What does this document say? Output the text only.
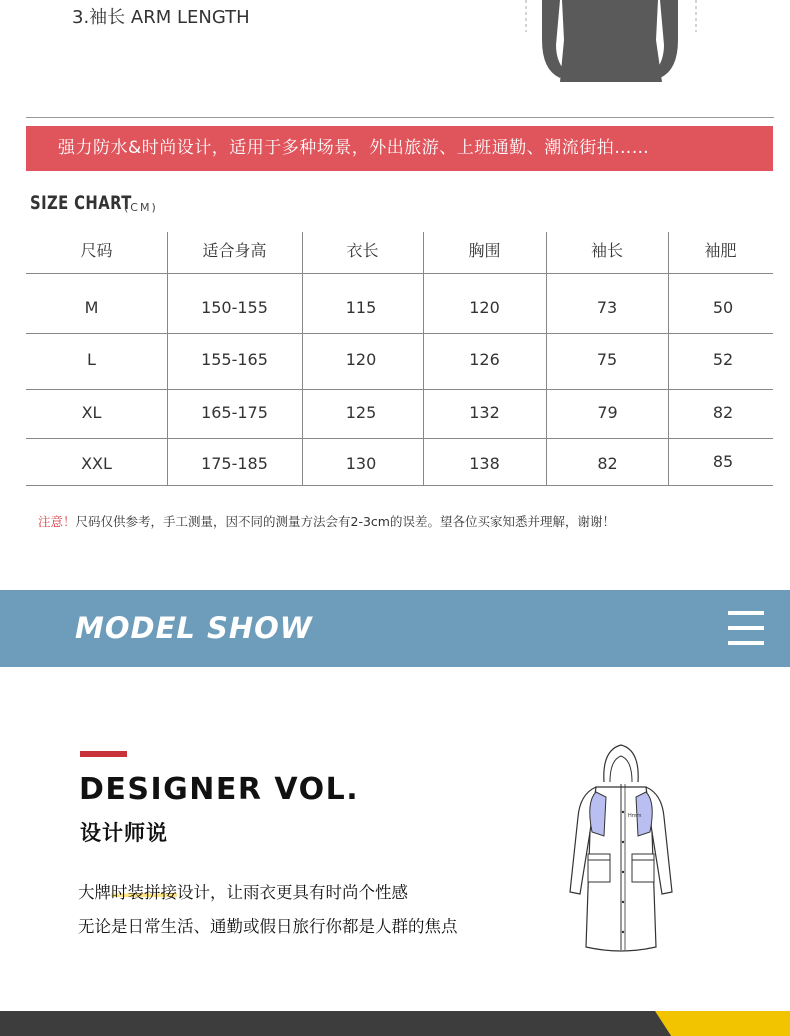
3.袖长 ARM LENGTH
强力防水&时尚设计，适用于多种场景，外出旅游、上班通勤、潮流街拍……
SIZE CHART
(CM)
尺码	适合身高	衣长	胸围	袖长	袖肥
M	150-155	115	120	73	50
L	155-165	120	126	75	52
XL	165-175	125	132	79	82
XXL	175-185	130	138	82	85
注意！尺码仅供参考，手工测量，因不同的测量方法会有2-3cm的误差。望各位买家知悉并理解，谢谢！
MODEL SHOW
DESIGNER VOL.
设计师说
大牌时装拼接设计，让雨衣更具有时尚个性感
无论是日常生活、通勤或假日旅行你都是人群的焦点
Hmm
